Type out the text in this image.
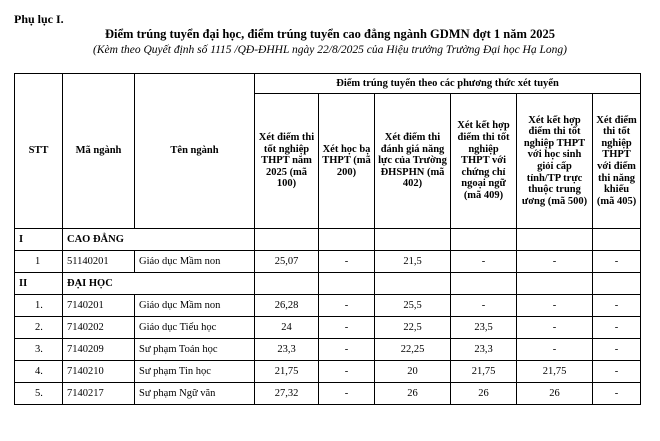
Phụ lục I.
Điểm trúng tuyển đại học, điểm trúng tuyển cao đẳng ngành GDMN đợt 1 năm 2025
(Kèm theo Quyết định số 1115 /QĐ-ĐHHL ngày 22/8/2025 của Hiệu trưởng Trường Đại học Hạ Long)
STT	Mã ngành	Tên ngành	Điểm trúng tuyển theo các phương thức xét tuyển					
			Xét điểm thi tốt nghiệp THPT năm 2025 (mã 100)	Xét học bạ THPT (mã 200)	Xét điểm thi đánh giá năng lực của Trường ĐHSPHN (mã 402)	Xét kết hợp điểm thi tốt nghiệp THPT với chứng chỉ ngoại ngữ (mã 409)	Xét kết hợp điểm thi tốt nghiệp THPT với học sinh giỏi cấp tỉnh/TP trực thuộc trung ương (mã 500)	Xét điểm thi tốt nghiệp THPT với điểm thi năng khiếu (mã 405)
I	CAO ĐẲNG							
1	51140201	Giáo dục Mầm non	25,07	-	21,5	-	-	-
II	ĐẠI HỌC							
1.	7140201	Giáo dục Mầm non	26,28	-	25,5	-	-	-
2.	7140202	Giáo dục Tiểu học	24	-	22,5	23,5	-	-
3.	7140209	Sư phạm Toán học	23,3	-	22,25	23,3	-	-
4.	7140210	Sư phạm Tin học	21,75	-	20	21,75	21,75	-
5.	7140217	Sư phạm Ngữ văn	27,32	-	26	26	26	-
